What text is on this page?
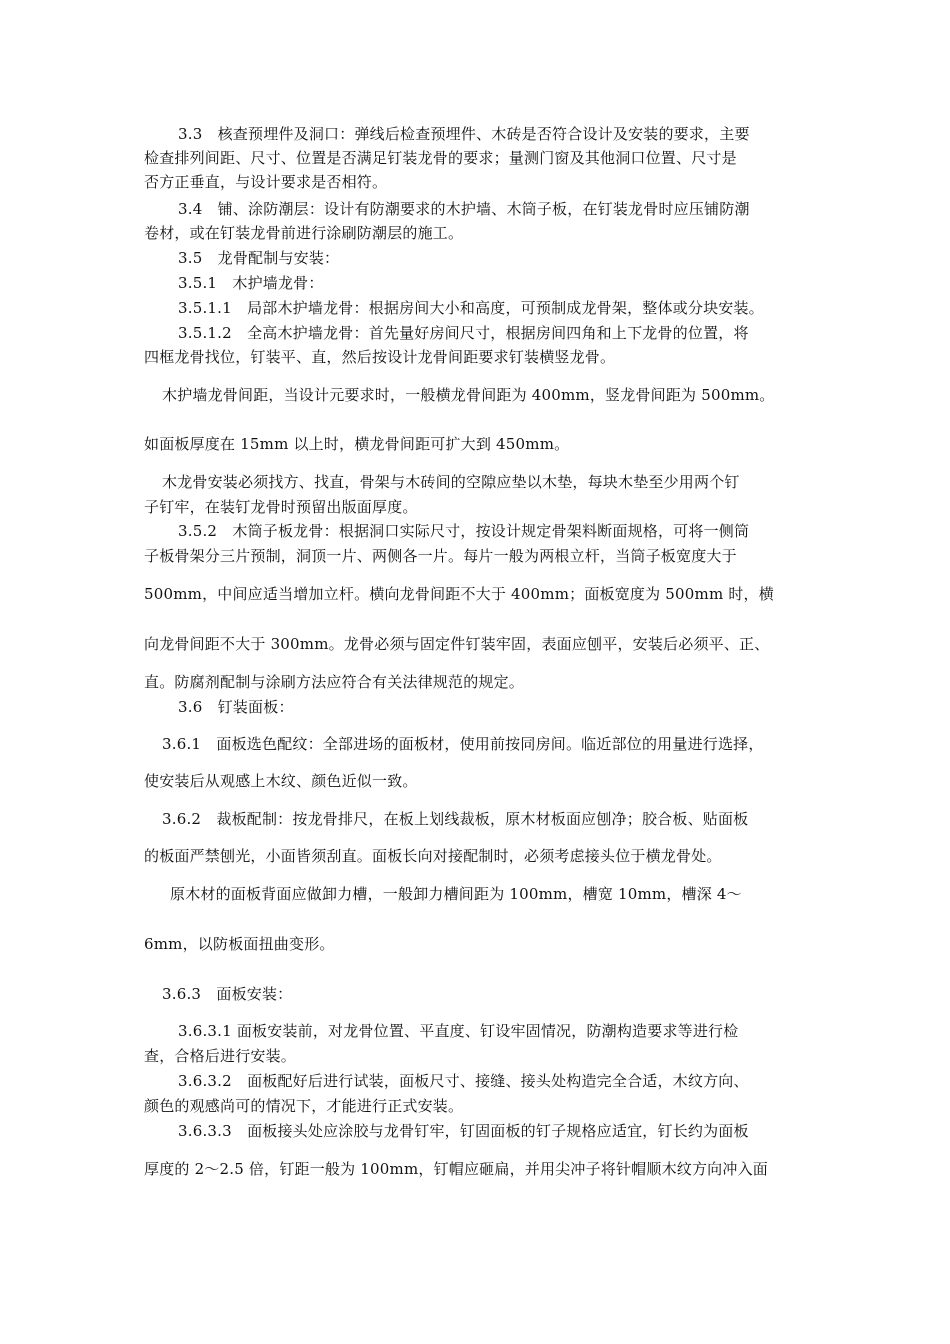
3.3　核查预埋件及洞口：弹线后检查预埋件、木砖是否符合设计及安装的要求，主要
检查排列间距、尺寸、位置是否满足钉装龙骨的要求；量测门窗及其他洞口位置、尺寸是
否方正垂直，与设计要求是否相符。
3.4　铺、涂防潮层：设计有防潮要求的木护墙、木筒子板，在钉装龙骨时应压铺防潮
卷材，或在钉装龙骨前进行涂刷防潮层的施工。
3.5　龙骨配制与安装：
3.5.1　木护墙龙骨：
3.5.1.1　局部木护墙龙骨：根据房间大小和高度，可预制成龙骨架，整体或分块安装。
3.5.1.2　全高木护墙龙骨：首先量好房间尺寸，根据房间四角和上下龙骨的位置，将
四框龙骨找位，钉装平、直，然后按设计龙骨间距要求钉装横竖龙骨。
木护墙龙骨间距，当设计元要求时，一般横龙骨间距为 400mm，竖龙骨间距为 500mm。
如面板厚度在 15mm 以上时，横龙骨间距可扩大到 450mm。
木龙骨安装必须找方、找直，骨架与木砖间的空隙应垫以木垫，每块木垫至少用两个钉
子钉牢，在装钉龙骨时预留出版面厚度。
3.5.2　木筒子板龙骨：根据洞口实际尺寸，按设计规定骨架料断面规格，可将一侧筒
子板骨架分三片预制，洞顶一片、两侧各一片。每片一般为两根立杆，当筒子板宽度大于
500mm，中间应适当增加立杆。横向龙骨间距不大于 400mm；面板宽度为 500mm 时，横
向龙骨间距不大于 300mm。龙骨必须与固定件钉装牢固，表面应刨平，安装后必须平、正、
直。防腐剂配制与涂刷方法应符合有关法律规范的规定。
3.6　钉装面板：
3.6.1　面板选色配纹：全部进场的面板材，使用前按同房间。临近部位的用量进行选择，
使安装后从观感上木纹、颜色近似一致。
3.6.2　裁板配制：按龙骨排尺，在板上划线裁板，原木材板面应刨净；胶合板、贴面板
的板面严禁刨光，小面皆须刮直。面板长向对接配制时，必须考虑接头位于横龙骨处。
原木材的面板背面应做卸力槽，一般卸力槽间距为 100mm，槽宽 10mm，槽深 4～
6mm，以防板面扭曲变形。
3.6.3　面板安装：
3.6.3.1 面板安装前，对龙骨位置、平直度、钉设牢固情况，防潮构造要求等进行检
查，合格后进行安装。
3.6.3.2　面板配好后进行试装，面板尺寸、接缝、接头处构造完全合适，木纹方向、
颜色的观感尚可的情况下，才能进行正式安装。
3.6.3.3　面板接头处应涂胶与龙骨钉牢，钉固面板的钉子规格应适宜，钉长约为面板
厚度的 2～2.5 倍，钉距一般为 100mm，钉帽应砸扁，并用尖冲子将针帽顺木纹方向冲入面
